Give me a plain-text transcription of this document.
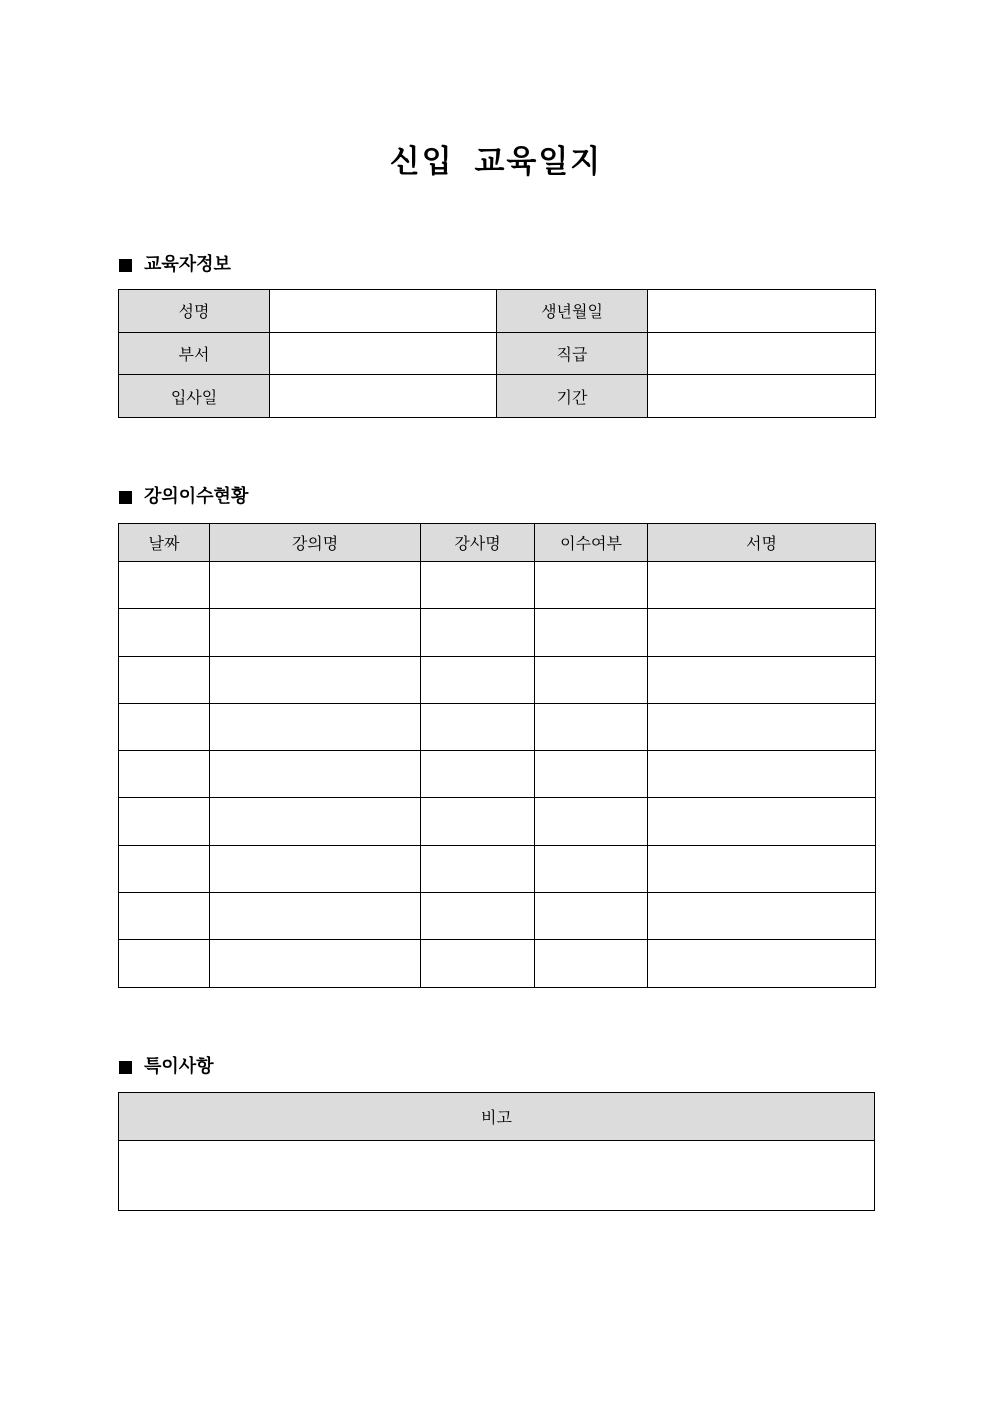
신입 교육일지
교육자정보
성명		생년월일	
부서		직급	
입사일		기간	
강의이수현황
날짜	강의명	강사명	이수여부	서명

특이사항
비고
